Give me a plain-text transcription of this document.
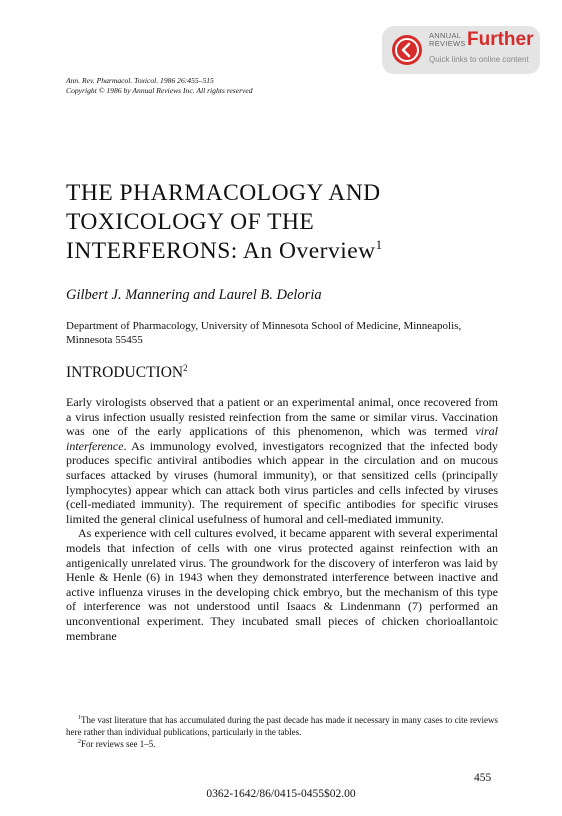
ANNUAL
REVIEWS Further
Quick links to online content
Ann. Rev. Pharmacol. Toxicol. 1986 26:455–515
Copyright © 1986 by Annual Reviews Inc. All rights reserved
THE PHARMACOLOGY AND
TOXICOLOGY OF THE
INTERFERONS: An Overview$^1$
Gilbert J. Mannering and Laurel B. Deloria
Department of Pharmacology, University of Minnesota School of Medicine, Minneapolis, Minnesota 55455
INTRODUCTION$^2$

Early virologists observed that a patient or an experimental animal, once recovered from a virus infection usually resisted reinfection from the same or similar virus. Vaccination was one of the early applications of this phenomenon, which was termed viral interference. As immunology evolved, investigators recognized that the infected body produces specific antiviral antibodies which appear in the circulation and on mucous surfaces attacked by viruses (humoral immunity), or that sensitized cells (principally lymphocytes) appear which can attack both virus particles and cells infected by viruses (cell-mediated immunity). The requirement of specific antibodies for specific viruses limited the general clinical usefulness of humoral and cell-mediated immunity.

As experience with cell cultures evolved, it became apparent with several experimental models that infection of cells with one virus protected against reinfection with an antigenically unrelated virus. The groundwork for the discovery of interferon was laid by Henle & Henle (6) in 1943 when they demonstrated interference between inactive and active influenza viruses in the developing chick embryo, but the mechanism of this type of interference was not understood until Isaacs & Lindenmann (7) performed an unconventional experiment. They incubated small pieces of chicken chorioallantoic membrane

$^1$The vast literature that has accumulated during the past decade has made it necessary in many cases to cite reviews here rather than individual publications, particularly in the tables.

$^2$For reviews see 1–5.

455
0362-1642/86/0415-0455$02.00
